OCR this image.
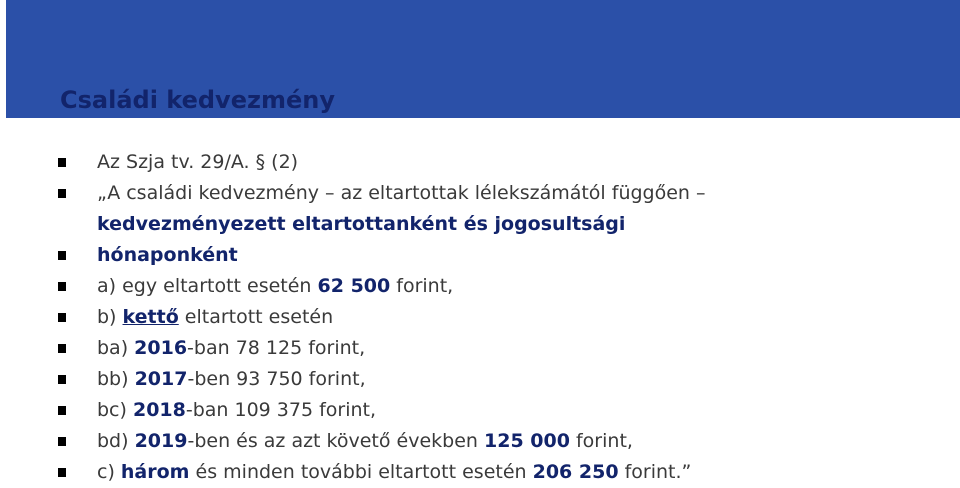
Családi kedvezmény
Az Szja tv. 29/A. § (2)
„A családi kedvezmény – az eltartottak lélekszámától függően –
kedvezményezett eltartottanként és jogosultsági
hónaponként
a) egy eltartott esetén 62 500 forint,
b) kettő eltartott esetén
ba) 2016-ban 78 125 forint,
bb) 2017-ben 93 750 forint,
bc) 2018-ban 109 375 forint,
bd) 2019-ben és az azt követő években 125 000 forint,
c) három és minden további eltartott esetén 206 250 forint.”
